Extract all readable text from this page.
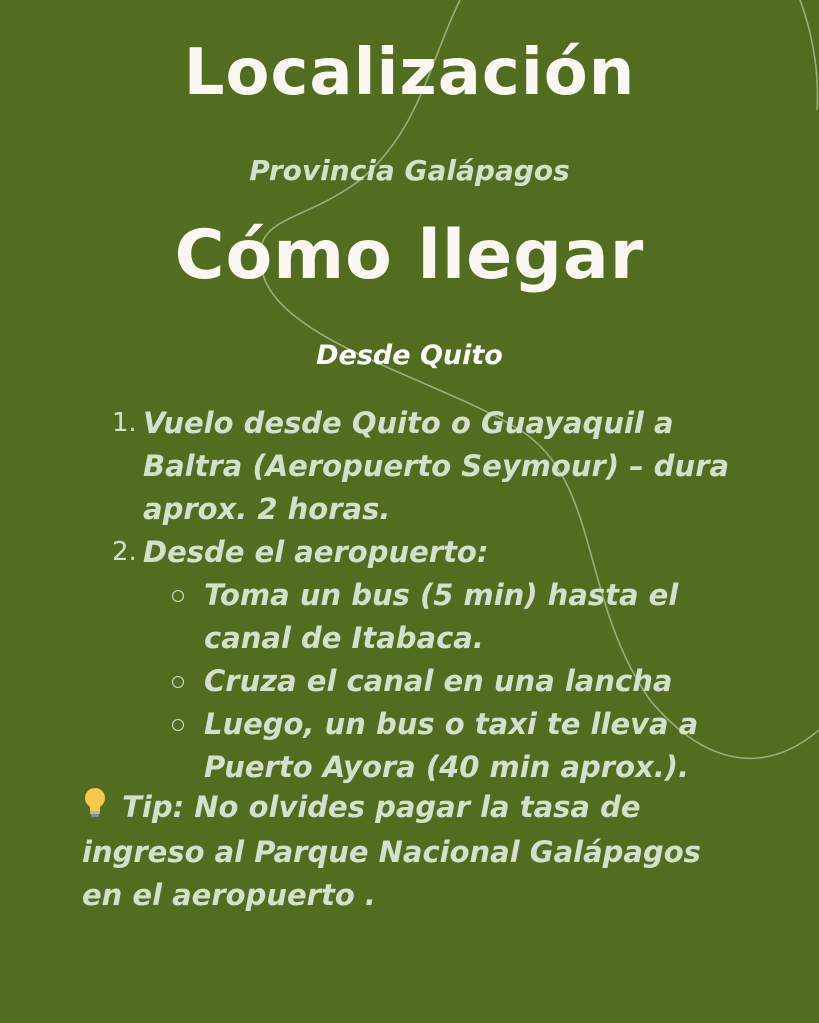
Localización
Provincia Galápagos
Cómo llegar
Desde Quito
1. Vuelo desde Quito o Guayaquil a Baltra (Aeropuerto Seymour) – dura aprox. 2 horas.
2. Desde el aeropuerto:
Toma un bus (5 min) hasta el canal de Itabaca.
Cruza el canal en una lancha
Luego, un bus o taxi te lleva a Puerto Ayora (40 min aprox.).
Tip: No olvides pagar la tasa de ingreso al Parque Nacional Galápagos en el aeropuerto .
